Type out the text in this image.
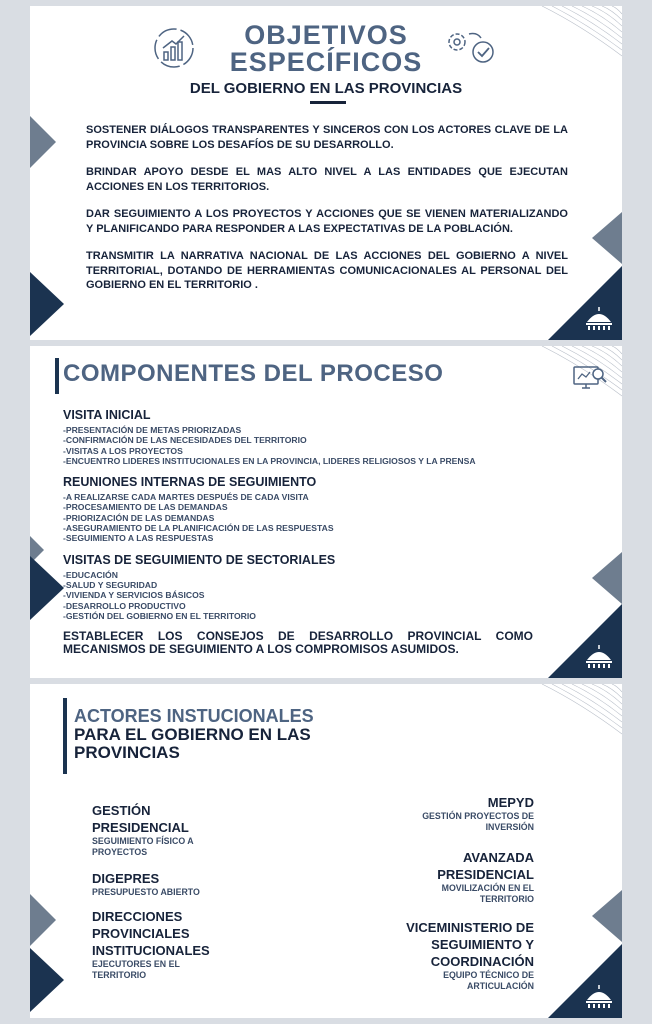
OBJETIVOS
ESPECÍFICOS
DEL GOBIERNO EN LAS PROVINCIAS

SOSTENER DIÁLOGOS TRANSPARENTES Y SINCEROS CON LOS ACTORES CLAVE DE LA PROVINCIA SOBRE LOS DESAFÍOS DE SU DESARROLLO.

BRINDAR APOYO DESDE EL MAS ALTO NIVEL A LAS ENTIDADES QUE EJECUTAN ACCIONES EN LOS TERRITORIOS.

DAR SEGUIMIENTO A LOS PROYECTOS Y ACCIONES QUE SE VIENEN MATERIALIZANDO Y PLANIFICANDO PARA RESPONDER A LAS EXPECTATIVAS DE LA POBLACIÓN.

TRANSMITIR LA NARRATIVA NACIONAL DE LAS ACCIONES DEL GOBIERNO A NIVEL TERRITORIAL, DOTANDO DE HERRAMIENTAS COMUNICACIONALES AL PERSONAL DEL GOBIERNO EN EL TERRITORIO .

COMPONENTES DEL PROCESO

VISITA INICIAL

-PRESENTACIÓN DE METAS PRIORIZADAS
-CONFIRMACIÓN DE LAS NECESIDADES DEL TERRITORIO
-VISITAS A LOS PROYECTOS
-ENCUENTRO LIDERES INSTITUCIONALES EN LA PROVINCIA, LIDERES RELIGIOSOS Y LA PRENSA

REUNIONES INTERNAS DE SEGUIMIENTO

-A REALIZARSE CADA MARTES DESPUÉS DE CADA VISITA
-PROCESAMIENTO DE LAS DEMANDAS
-PRIORIZACIÓN DE LAS DEMANDAS
-ASEGURAMIENTO DE LA PLANIFICACIÓN DE LAS RESPUESTAS
-SEGUIMIENTO A LAS RESPUESTAS

VISITAS DE SEGUIMIENTO DE SECTORIALES

-EDUCACIÓN
-SALUD Y SEGURIDAD
-VIVIENDA Y SERVICIOS BÁSICOS
-DESARROLLO PRODUCTIVO
-GESTIÓN DEL GOBIERNO EN EL TERRITORIO
ESTABLECER LOS CONSEJOS DE DESARROLLO PROVINCIAL COMO MECANISMOS DE SEGUIMIENTO A LOS COMPROMISOS ASUMIDOS.
ACTORES INSTUCIONALES
PARA EL GOBIERNO EN LAS PROVINCIAS

GESTIÓN PRESIDENCIAL

SEGUIMIENTO FÍSICO A PROYECTOS

DIGEPRES

PRESUPUESTO ABIERTO

DIRECCIONES PROVINCIALES INSTITUCIONALES

EJECUTORES EN EL TERRITORIO

MEPYD

GESTIÓN PROYECTOS DE INVERSIÓN

AVANZADA PRESIDENCIAL

MOVILIZACIÓN EN EL TERRITORIO

VICEMINISTERIO DE SEGUIMIENTO Y COORDINACIÓN

EQUIPO TÉCNICO DE ARTICULACIÓN
